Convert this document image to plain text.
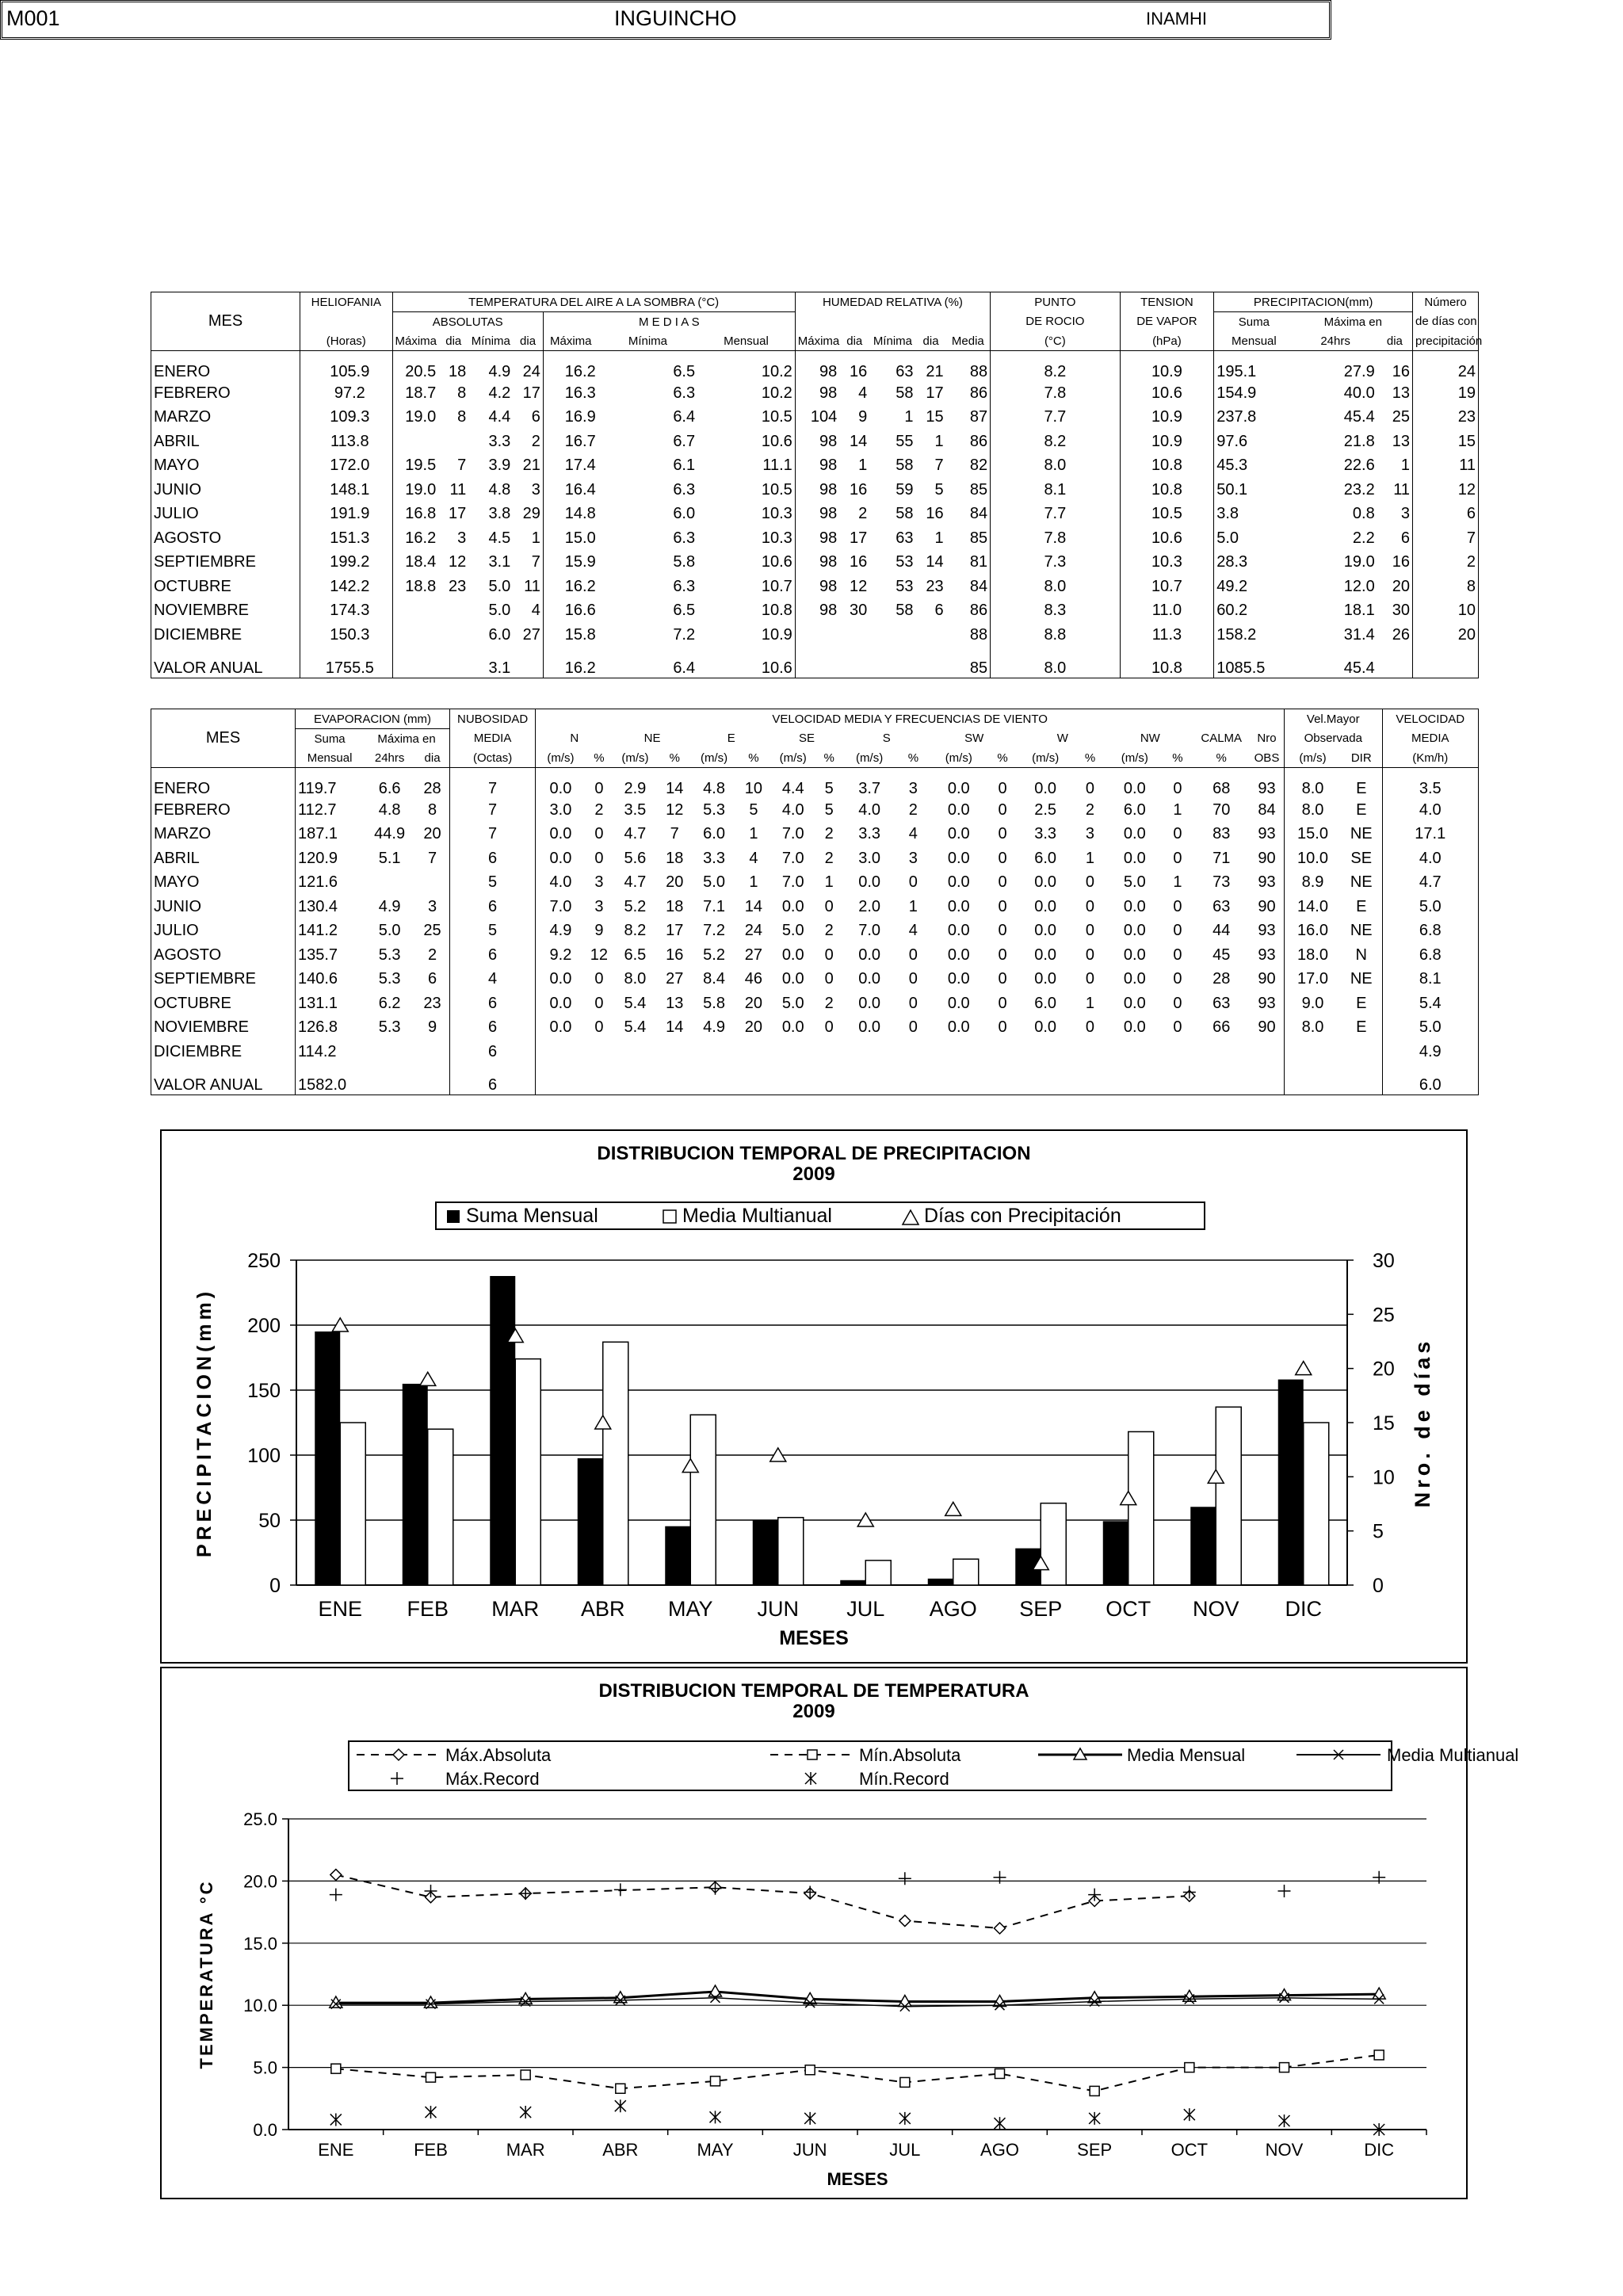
M001	INGUINCHO	INAMHI
	HELIOFANIA	TEMPERATURA DEL AIRE A LA SOMBRA (°C)							HUMEDAD RELATIVA (%)					PUNTO	TENSION	PRECIPITACION(mm)			Número
MES		ABSOLUTAS				M E D I A S								DE ROCIO	DE VAPOR	Suma	Máxima en		de días con
	(Horas)	Máxima	dia	Mínima	dia	Máxima	Mínima	Mensual	Máxima	dia	Mínima	dia	Media	(°C)	(hPa)	Mensual	24hrs	dia	precipitación
ENERO	105.9	20.5	18	4.9	24	16.2	6.5	10.2	98	16	63	21	88	8.2	10.9	195.1	27.9	16	24
FEBRERO	97.2	18.7	8	4.2	17	16.3	6.3	10.2	98	4	58	17	86	7.8	10.6	154.9	40.0	13	19
MARZO	109.3	19.0	8	4.4	6	16.9	6.4	10.5	104	9	1	15	87	7.7	10.9	237.8	45.4	25	23
ABRIL	113.8			3.3	2	16.7	6.7	10.6	98	14	55	1	86	8.2	10.9	97.6	21.8	13	15
MAYO	172.0	19.5	7	3.9	21	17.4	6.1	11.1	98	1	58	7	82	8.0	10.8	45.3	22.6	1	11
JUNIO	148.1	19.0	11	4.8	3	16.4	6.3	10.5	98	16	59	5	85	8.1	10.8	50.1	23.2	11	12
JULIO	191.9	16.8	17	3.8	29	14.8	6.0	10.3	98	2	58	16	84	7.7	10.5	3.8	0.8	3	6
AGOSTO	151.3	16.2	3	4.5	1	15.0	6.3	10.3	98	17	63	1	85	7.8	10.6	5.0	2.2	6	7
SEPTIEMBRE	199.2	18.4	12	3.1	7	15.9	5.8	10.6	98	16	53	14	81	7.3	10.3	28.3	19.0	16	2
OCTUBRE	142.2	18.8	23	5.0	11	16.2	6.3	10.7	98	12	53	23	84	8.0	10.7	49.2	12.0	20	8
NOVIEMBRE	174.3			5.0	4	16.6	6.5	10.8	98	30	58	6	86	8.3	11.0	60.2	18.1	30	10
DICIEMBRE	150.3			6.0	27	15.8	7.2	10.9					88	8.8	11.3	158.2	31.4	26	20
VALOR ANUAL	1755.5			3.1		16.2	6.4	10.6					85	8.0	10.8	1085.5	45.4		
	EVAPORACION (mm)			NUBOSIDAD	VELOCIDAD MEDIA Y FRECUENCIAS DE VIENTO																		Vel.Mayor		VELOCIDAD
MES	Suma	Máxima en		MEDIA	N		NE		E		SE		S		SW		W		NW		CALMA	Nro	Observada		MEDIA
	Mensual	24hrs	dia	(Octas)	(m/s)	%	(m/s)	%	(m/s)	%	(m/s)	%	(m/s)	%	(m/s)	%	(m/s)	%	(m/s)	%	%	OBS	(m/s)	DIR	(Km/h)
ENERO	119.7	6.6	28	7	0.0	0	2.9	14	4.8	10	4.4	5	3.7	3	0.0	0	0.0	0	0.0	0	68	93	8.0	E	3.5
FEBRERO	112.7	4.8	8	7	3.0	2	3.5	12	5.3	5	4.0	5	4.0	2	0.0	0	2.5	2	6.0	1	70	84	8.0	E	4.0
MARZO	187.1	44.9	20	7	0.0	0	4.7	7	6.0	1	7.0	2	3.3	4	0.0	0	3.3	3	0.0	0	83	93	15.0	NE	17.1
ABRIL	120.9	5.1	7	6	0.0	0	5.6	18	3.3	4	7.0	2	3.0	3	0.0	0	6.0	1	0.0	0	71	90	10.0	SE	4.0
MAYO	121.6			5	4.0	3	4.7	20	5.0	1	7.0	1	0.0	0	0.0	0	0.0	0	5.0	1	73	93	8.9	NE	4.7
JUNIO	130.4	4.9	3	6	7.0	3	5.2	18	7.1	14	0.0	0	2.0	1	0.0	0	0.0	0	0.0	0	63	90	14.0	E	5.0
JULIO	141.2	5.0	25	5	4.9	9	8.2	17	7.2	24	5.0	2	7.0	4	0.0	0	0.0	0	0.0	0	44	93	16.0	NE	6.8
AGOSTO	135.7	5.3	2	6	9.2	12	6.5	16	5.2	27	0.0	0	0.0	0	0.0	0	0.0	0	0.0	0	45	93	18.0	N	6.8
SEPTIEMBRE	140.6	5.3	6	4	0.0	0	8.0	27	8.4	46	0.0	0	0.0	0	0.0	0	0.0	0	0.0	0	28	90	17.0	NE	8.1
OCTUBRE	131.1	6.2	23	6	0.0	0	5.4	13	5.8	20	5.0	2	0.0	0	0.0	0	6.0	1	0.0	0	63	93	9.0	E	5.4
NOVIEMBRE	126.8	5.3	9	6	0.0	0	5.4	14	4.9	20	0.0	0	0.0	0	0.0	0	0.0	0	0.0	0	66	90	8.0	E	5.0
DICIEMBRE	114.2			6																					4.9
VALOR ANUAL	1582.0			6																					6.0
DISTRIBUCION TEMPORAL DE PRECIPITACION
2009
Suma Mensual	Media Multianual	Días con Precipitación
0
50
100
150
200
250
0
5
10
15
20
25
30
ENE FEB MAR ABR MAY JUN JUL AGO SEP OCT NOV DIC
MESES
PRECIPITACION(mm)	Nro. de días
DISTRIBUCION TEMPORAL DE TEMPERATURA
2009
Máx.Absoluta	Mín.Absoluta	Media Mensual	Media Multianual
Máx.Record	Mín.Record
0.0
5.0
10.0
15.0
20.0
25.0
ENE	FEB	MAR	ABR	MAY	JUN	JUL	AGO	SEP	OCT	NOV	DIC
MESES
TEMPERATURA °C
